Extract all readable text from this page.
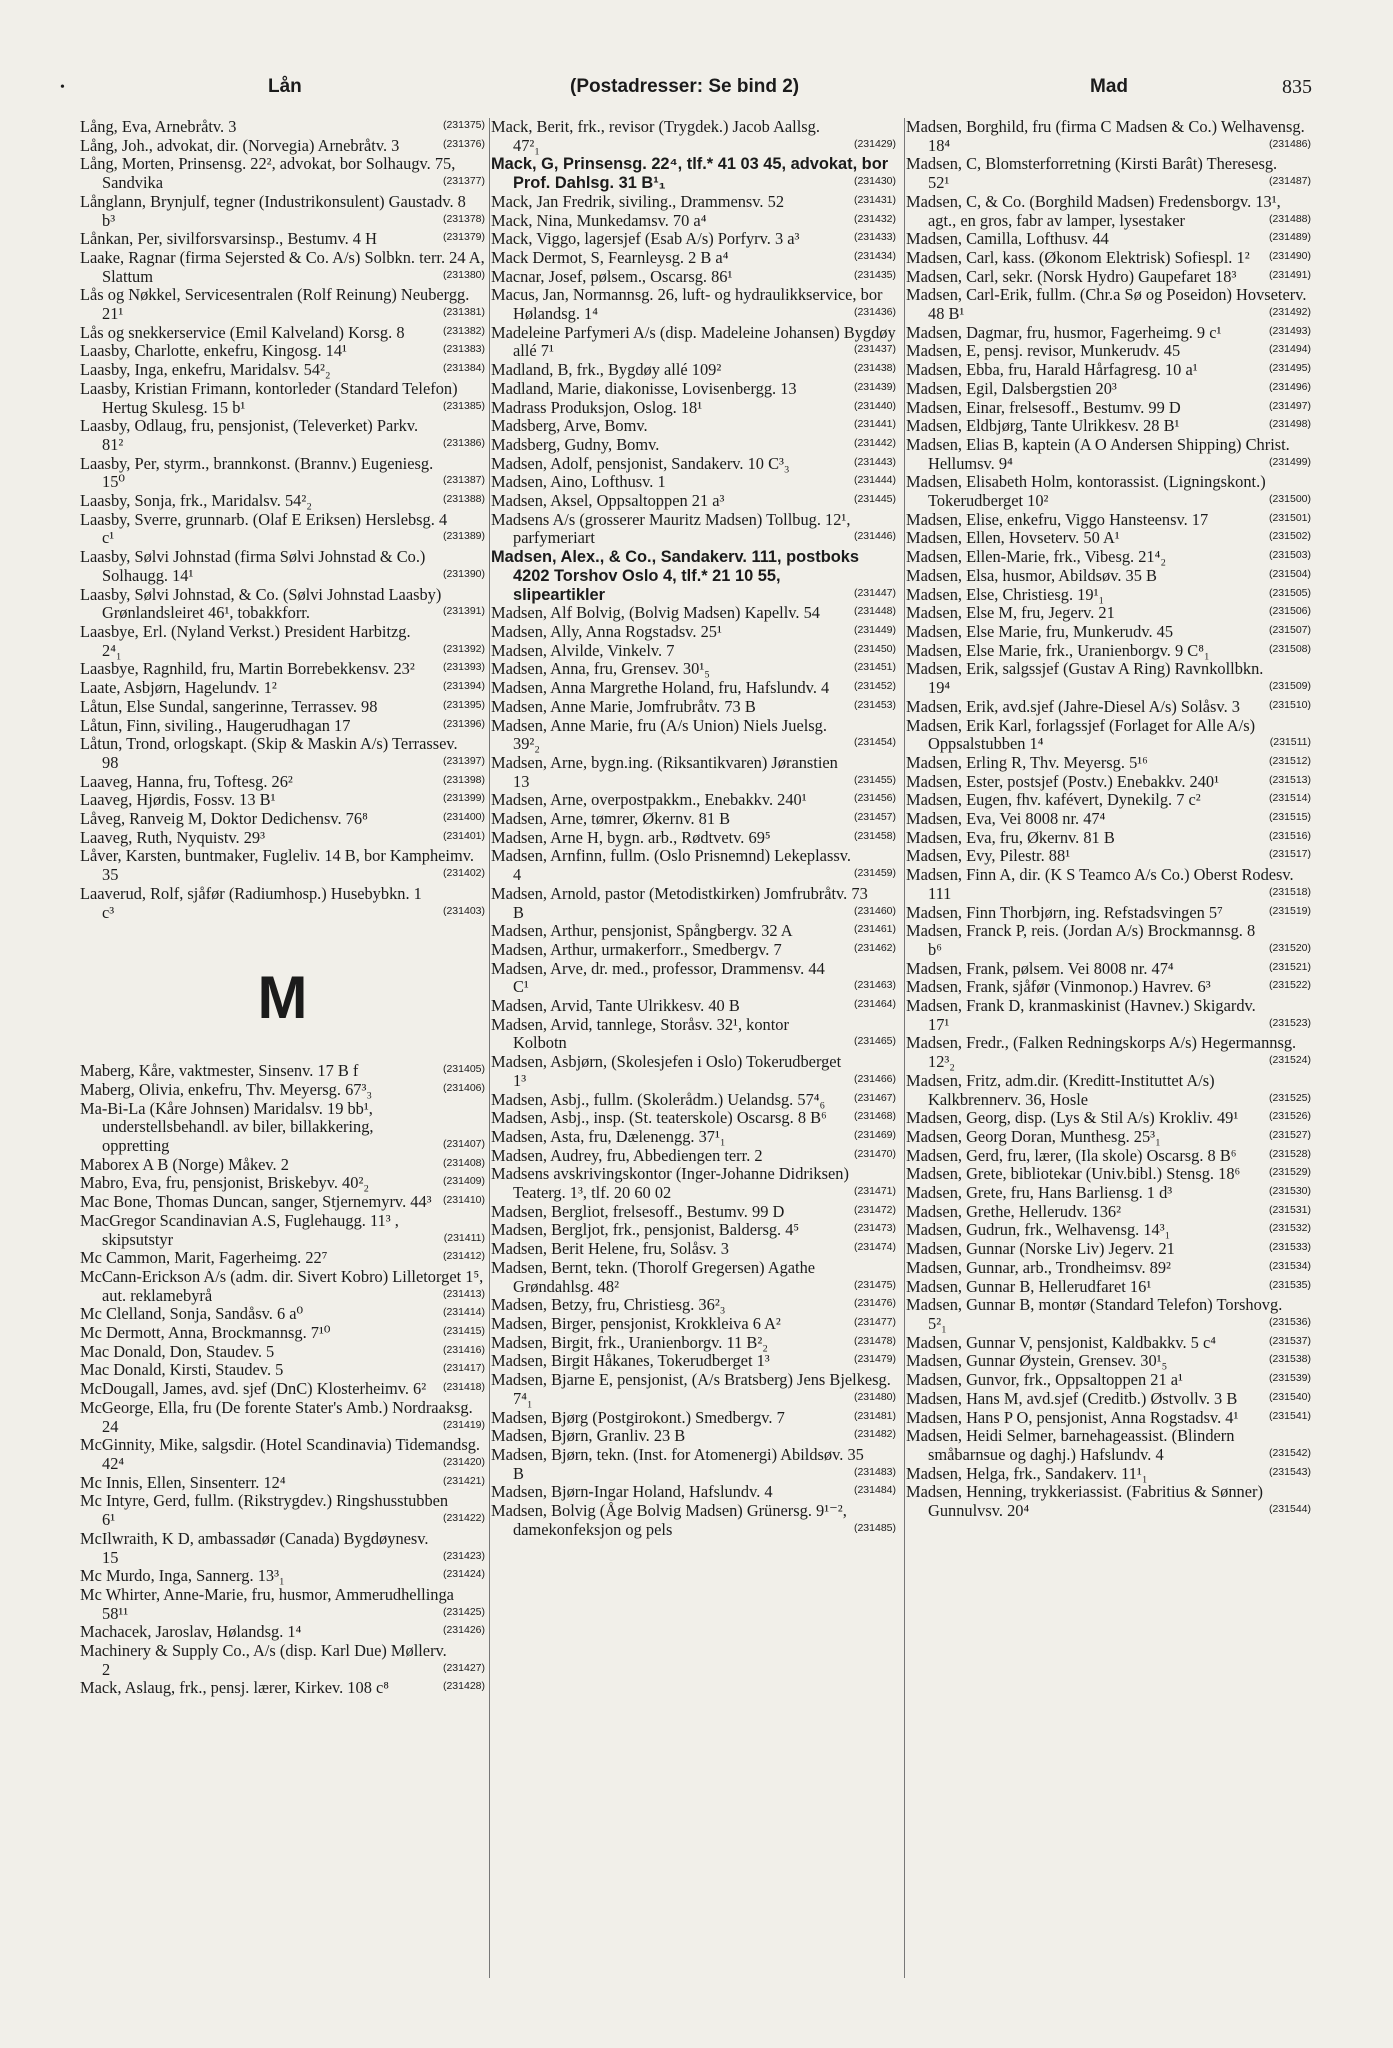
•	Lån	(Postadresser: Se bind 2)	Mad	835
Lång, Eva, Arnebråtv. 3	(231375)
Lång, Joh., advokat, dir. (Norvegia) Arnebråtv. 3	(231376)
Lång, Morten, Prinsensg. 22², advokat, bor Solhaugv. 75, Sandvika	(231377)
Långlann, Brynjulf, tegner (Industrikonsulent) Gaustadv. 8 b³	(231378)
Lånkan, Per, sivilforsvarsinsp., Bestumv. 4 H	(231379)
Laake, Ragnar (firma Sejersted & Co. A/s) Solbkn. terr. 24 A, Slattum	(231380)
Lås og Nøkkel, Servicesentralen (Rolf Reinung) Neubergg. 21¹	(231381)
Lås og snekkerservice (Emil Kalveland) Korsg. 8	(231382)
Laasby, Charlotte, enkefru, Kingosg. 14¹	(231383)
Laasby, Inga, enkefru, Maridalsv. 54²₂	(231384)
Laasby, Kristian Frimann, kontorleder (Standard Telefon) Hertug Skulesg. 15 b¹	(231385)
Laasby, Odlaug, fru, pensjonist, (Televerket) Parkv. 81²	(231386)
Laasby, Per, styrm., brannkonst. (Brannv.) Eugeniesg. 15⁰	(231387)
Laasby, Sonja, frk., Maridalsv. 54²₂	(231388)
Laasby, Sverre, grunnarb. (Olaf E Eriksen) Herslebsg. 4 c¹	(231389)
Laasby, Sølvi Johnstad (firma Sølvi Johnstad & Co.) Solhaugg. 14¹	(231390)
Laasby, Sølvi Johnstad, & Co. (Sølvi Johnstad Laasby) Grønlandsleiret 46¹, tobakkforr.	(231391)
Laasbye, Erl. (Nyland Verkst.) President Harbitzg. 2⁴₁	(231392)
Laasbye, Ragnhild, fru, Martin Borrebekkensv. 23²	(231393)
Laate, Asbjørn, Hagelundv. 1²	(231394)
Låtun, Else Sundal, sangerinne, Terrassev. 98	(231395)
Låtun, Finn, siviling., Haugerudhagan 17	(231396)
Låtun, Trond, orlogskapt. (Skip & Maskin A/s) Terrassev. 98	(231397)
Laaveg, Hanna, fru, Toftesg. 26²	(231398)
Laaveg, Hjørdis, Fossv. 13 B¹	(231399)
Låveg, Ranveig M, Doktor Dedichensv. 76⁸	(231400)
Laaveg, Ruth, Nyquistv. 29³	(231401)
Låver, Karsten, buntmaker, Fugleliv. 14 B, bor Kampheimv. 35	(231402)
Laaverud, Rolf, sjåfør (Radiumhosp.) Husebybkn. 1 c³	(231403)
M
Maberg, Kåre, vaktmester, Sinsenv. 17 B f	(231405)
Maberg, Olivia, enkefru, Thv. Meyersg. 67³₃	(231406)
Ma-Bi-La (Kåre Johnsen) Maridalsv. 19 bb¹, understellsbehandl. av biler, billakkering, oppretting	(231407)
Maborex A B (Norge) Måkev. 2	(231408)
Mabro, Eva, fru, pensjonist, Briskebyv. 40²₂	(231409)
Mac Bone, Thomas Duncan, sanger, Stjernemyrv. 44³ (231410)
MacGregor Scandinavian A.S, Fuglehaugg. 11³ , skipsutstyr	(231411)
Mc Cammon, Marit, Fagerheimg. 22⁷	(231412)
McCann-Erickson A/s (adm. dir. Sivert Kobro) Lilletorget 1⁵, aut. reklamebyrå	(231413)
Mc Clelland, Sonja, Sandåsv. 6 a⁰	(231414)
Mc Dermott, Anna, Brockmannsg. 7¹⁰	(231415)
Mac Donald, Don, Staudev. 5	(231416)
Mac Donald, Kirsti, Staudev. 5	(231417)
McDougall, James, avd. sjef (DnC) Klosterheimv. 6² (231418)
McGeorge, Ella, fru (De forente Stater's Amb.) Nordraaksg. 24	(231419)
McGinnity, Mike, salgsdir. (Hotel Scandinavia) Tidemandsg. 42⁴	(231420)
Mc Innis, Ellen, Sinsenterr. 12⁴	(231421)
Mc Intyre, Gerd, fullm. (Rikstrygdev.) Ringshusstubben 6¹	(231422)
McIlwraith, K D, ambassadør (Canada) Bygdøynesv. 15	(231423)
Mc Murdo, Inga, Sannerg. 13³₁	(231424)
Mc Whirter, Anne-Marie, fru, husmor, Ammerudhellinga 58¹¹	(231425)
Machacek, Jaroslav, Hølandsg. 1⁴	(231426)
Machinery & Supply Co., A/s (disp. Karl Due) Møllerv. 2	(231427)
Mack, Aslaug, frk., pensj. lærer, Kirkev. 108 c⁸	(231428)
Mack, Berit, frk., revisor (Trygdek.) Jacob Aallsg. 47²₁	(231429)
Mack, G, Prinsensg. 22⁴, tlf.* 41 03 45, advokat, bor Prof. Dahlsg. 31 B¹₁	(231430)
Mack, Jan Fredrik, siviling., Drammensv. 52	(231431)
Mack, Nina, Munkedamsv. 70 a⁴	(231432)
Mack, Viggo, lagersjef (Esab A/s) Porfyrv. 3 a³	(231433)
Mack Dermot, S, Fearnleysg. 2 B a⁴	(231434)
Macnar, Josef, pølsem., Oscarsg. 86¹	(231435)
Macus, Jan, Normannsg. 26, luft- og hydraulikkservice, bor Hølandsg. 1⁴	(231436)
Madeleine Parfymeri A/s (disp. Madeleine Johansen) Bygdøy allé 7¹	(231437)
Madland, B, frk., Bygdøy allé 109²	(231438)
Madland, Marie, diakonisse, Lovisenbergg. 13	(231439)
Madrass Produksjon, Oslog. 18¹	(231440)
Madsberg, Arve, Bomv.	(231441)
Madsberg, Gudny, Bomv.	(231442)
Madsen, Adolf, pensjonist, Sandakerv. 10 C³₃	(231443)
Madsen, Aino, Lofthusv. 1	(231444)
Madsen, Aksel, Oppsaltoppen 21 a³	(231445)
Madsens A/s (grosserer Mauritz Madsen) Tollbug. 12¹, parfymeriart	(231446)
Madsen, Alex., & Co., Sandakerv. 111, postboks 4202 Torshov Oslo 4, tlf.* 21 10 55, slipeartikler	(231447)
Madsen, Alf Bolvig, (Bolvig Madsen) Kapellv. 54	(231448)
Madsen, Ally, Anna Rogstadsv. 25¹	(231449)
Madsen, Alvilde, Vinkelv. 7	(231450)
Madsen, Anna, fru, Grensev. 30¹₅	(231451)
Madsen, Anna Margrethe Holand, fru, Hafslundv. 4 (231452)
Madsen, Anne Marie, Jomfrubråtv. 73 B	(231453)
Madsen, Anne Marie, fru (A/s Union) Niels Juelsg. 39²₂	(231454)
Madsen, Arne, bygn.ing. (Riksantikvaren) Jøranstien 13	(231455)
Madsen, Arne, overpostpakkm., Enebakkv. 240¹	(231456)
Madsen, Arne, tømrer, Økernv. 81 B	(231457)
Madsen, Arne H, bygn. arb., Rødtvetv. 69⁵	(231458)
Madsen, Arnfinn, fullm. (Oslo Prisnemnd) Lekeplassv. 4	(231459)
Madsen, Arnold, pastor (Metodistkirken) Jomfrubråtv. 73 B	(231460)
Madsen, Arthur, pensjonist, Spångbergv. 32 A	(231461)
Madsen, Arthur, urmakerforr., Smedbergv. 7	(231462)
Madsen, Arve, dr. med., professor, Drammensv. 44 C¹	(231463)
Madsen, Arvid, Tante Ulrikkesv. 40 B	(231464)
Madsen, Arvid, tannlege, Storåsv. 32¹, kontor Kolbotn	(231465)
Madsen, Asbjørn, (Skolesjefen i Oslo) Tokerudberget 1³	(231466)
Madsen, Asbj., fullm. (Skolerådm.) Uelandsg. 57⁴₆	(231467)
Madsen, Asbj., insp. (St. teaterskole) Oscarsg. 8 B⁶	(231468)
Madsen, Asta, fru, Dælenengg. 37¹₁	(231469)
Madsen, Audrey, fru, Abbediengen terr. 2	(231470)
Madsens avskrivingskontor (Inger-Johanne Didriksen) Teaterg. 1³, tlf. 20 60 02	(231471)
Madsen, Bergliot, frelsesoff., Bestumv. 99 D	(231472)
Madsen, Bergljot, frk., pensjonist, Baldersg. 4⁵	(231473)
Madsen, Berit Helene, fru, Solåsv. 3	(231474)
Madsen, Bernt, tekn. (Thorolf Gregersen) Agathe Grøndahlsg. 48²	(231475)
Madsen, Betzy, fru, Christiesg. 36²₃	(231476)
Madsen, Birger, pensjonist, Krokkleiva 6 A²	(231477)
Madsen, Birgit, frk., Uranienborgv. 11 B²₂	(231478)
Madsen, Birgit Håkanes, Tokerudberget 1³	(231479)
Madsen, Bjarne E, pensjonist, (A/s Bratsberg) Jens Bjelkesg. 7⁴₁	(231480)
Madsen, Bjørg (Postgirokont.) Smedbergv. 7	(231481)
Madsen, Bjørn, Granliv. 23 B	(231482)
Madsen, Bjørn, tekn. (Inst. for Atomenergi) Abildsøv. 35 B	(231483)
Madsen, Bjørn-Ingar Holand, Hafslundv. 4	(231484)
Madsen, Bolvig (Åge Bolvig Madsen) Grünersg. 9¹⁻², damekonfeksjon og pels	(231485)
Madsen, Borghild, fru (firma C Madsen & Co.) Welhavensg. 18⁴	(231486)
Madsen, C, Blomsterforretning (Kirsti Barât) Theresesg. 52¹	(231487)
Madsen, C, & Co. (Borghild Madsen) Fredensborgv. 13¹, agt., en gros, fabr av lamper, lysestaker	(231488)
Madsen, Camilla, Lofthusv. 44	(231489)
Madsen, Carl, kass. (Økonom Elektrisk) Sofiespl. 1² (231490)
Madsen, Carl, sekr. (Norsk Hydro) Gaupefaret 18³	(231491)
Madsen, Carl-Erik, fullm. (Chr.a Sø og Poseidon) Hovseterv. 48 B¹	(231492)
Madsen, Dagmar, fru, husmor, Fagerheimg. 9 c¹	(231493)
Madsen, E, pensj. revisor, Munkerudv. 45	(231494)
Madsen, Ebba, fru, Harald Hårfagresg. 10 a¹	(231495)
Madsen, Egil, Dalsbergstien 20³	(231496)
Madsen, Einar, frelsesoff., Bestumv. 99 D	(231497)
Madsen, Eldbjørg, Tante Ulrikkesv. 28 B¹	(231498)
Madsen, Elias B, kaptein (A O Andersen Shipping) Christ. Hellumsv. 9⁴	(231499)
Madsen, Elisabeth Holm, kontorassist. (Ligningskont.) Tokerudberget 10²	(231500)
Madsen, Elise, enkefru, Viggo Hansteensv. 17	(231501)
Madsen, Ellen, Hovseterv. 50 A¹	(231502)
Madsen, Ellen-Marie, frk., Vibesg. 21⁴₂	(231503)
Madsen, Elsa, husmor, Abildsøv. 35 B	(231504)
Madsen, Else, Christiesg. 19¹₁	(231505)
Madsen, Else M, fru, Jegerv. 21	(231506)
Madsen, Else Marie, fru, Munkerudv. 45	(231507)
Madsen, Else Marie, frk., Uranienborgv. 9 C⁸₁	(231508)
Madsen, Erik, salgssjef (Gustav A Ring) Ravnkollbkn. 19⁴	(231509)
Madsen, Erik, avd.sjef (Jahre-Diesel A/s) Solåsv. 3	(231510)
Madsen, Erik Karl, forlagssjef (Forlaget for Alle A/s) Oppsalstubben 1⁴	(231511)
Madsen, Erling R, Thv. Meyersg. 5¹⁶	(231512)
Madsen, Ester, postsjef (Postv.) Enebakkv. 240¹	(231513)
Madsen, Eugen, fhv. kafévert, Dynekilg. 7 c²	(231514)
Madsen, Eva, Vei 8008 nr. 47⁴	(231515)
Madsen, Eva, fru, Økernv. 81 B	(231516)
Madsen, Evy, Pilestr. 88¹	(231517)
Madsen, Finn A, dir. (K S Teamco A/s Co.) Oberst Rodesv. 111	(231518)
Madsen, Finn Thorbjørn, ing. Refstadsvingen 5⁷	(231519)
Madsen, Franck P, reis. (Jordan A/s) Brockmannsg. 8 b⁶	(231520)
Madsen, Frank, pølsem. Vei 8008 nr. 47⁴	(231521)
Madsen, Frank, sjåfør (Vinmonop.) Havrev. 6³	(231522)
Madsen, Frank D, kranmaskinist (Havnev.) Skigardv. 17¹	(231523)
Madsen, Fredr., (Falken Redningskorps A/s) Hegermannsg. 12³₂	(231524)
Madsen, Fritz, adm.dir. (Kreditt-Instituttet A/s) Kalkbrennerv. 36, Hosle	(231525)
Madsen, Georg, disp. (Lys & Stil A/s) Krokliv. 49¹	(231526)
Madsen, Georg Doran, Munthesg. 25³₁	(231527)
Madsen, Gerd, fru, lærer, (Ila skole) Oscarsg. 8 B⁶	(231528)
Madsen, Grete, bibliotekar (Univ.bibl.) Stensg. 18⁶	(231529)
Madsen, Grete, fru, Hans Barliensg. 1 d³	(231530)
Madsen, Grethe, Hellerudv. 136²	(231531)
Madsen, Gudrun, frk., Welhavensg. 14³₁	(231532)
Madsen, Gunnar (Norske Liv) Jegerv. 21	(231533)
Madsen, Gunnar, arb., Trondheimsv. 89²	(231534)
Madsen, Gunnar B, Hellerudfaret 16¹	(231535)
Madsen, Gunnar B, montør (Standard Telefon) Torshovg. 5²₁	(231536)
Madsen, Gunnar V, pensjonist, Kaldbakkv. 5 c⁴	(231537)
Madsen, Gunnar Øystein, Grensev. 30¹₅	(231538)
Madsen, Gunvor, frk., Oppsaltoppen 21 a¹	(231539)
Madsen, Hans M, avd.sjef (Creditb.) Østvollv. 3 B	(231540)
Madsen, Hans P O, pensjonist, Anna Rogstadsv. 4¹	(231541)
Madsen, Heidi Selmer, barnehageassist. (Blindern småbarnsue og daghj.) Hafslundv. 4	(231542)
Madsen, Helga, frk., Sandakerv. 11¹₁	(231543)
Madsen, Henning, trykkeriassist. (Fabritius & Sønner) Gunnulvsv. 20⁴	(231544)
